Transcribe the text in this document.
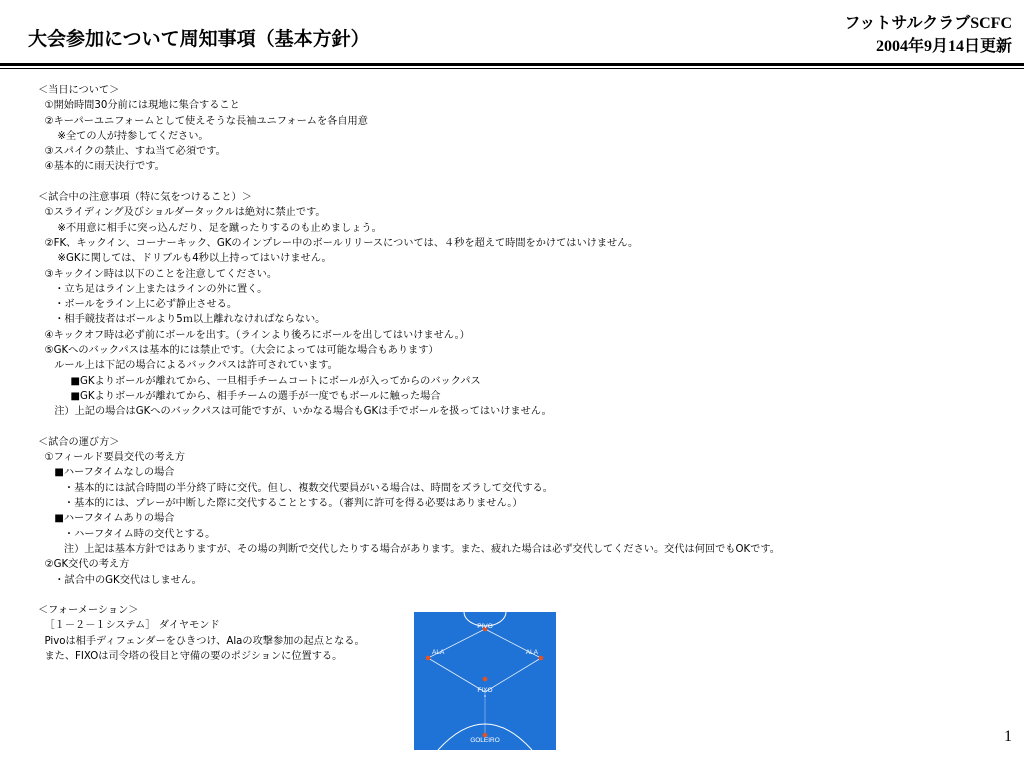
大会参加について周知事項（基本方針）
フットサルクラブSCFC
2004年9月14日更新
＜当日について＞
①開始時間30分前には現地に集合すること
②キーパーユニフォームとして使えそうな長袖ユニフォームを各自用意
※全ての人が持参してください。
③スパイクの禁止、すね当て必須です。
④基本的に雨天決行です。
＜試合中の注意事項（特に気をつけること）＞
①スライディング及びショルダータックルは絶対に禁止です。
※不用意に相手に突っ込んだり、足を蹴ったりするのも止めましょう。
②FK、キックイン、コーナーキック、GKのインプレー中のボールリリースについては、４秒を超えて時間をかけてはいけません。
※GKに関しては、ドリブルも4秒以上持ってはいけません。
③キックイン時は以下のことを注意してください。
・立ち足はライン上またはラインの外に置く。
・ボールをライン上に必ず静止させる。
・相手競技者はボールより5ｍ以上離れなければならない。
④キックオフ時は必ず前にボールを出す。（ラインより後ろにボールを出してはいけません。）
⑤GKへのバックパスは基本的には禁止です。（大会によっては可能な場合もあります）
ルール上は下記の場合によるバックパスは許可されています。
■GKよりボールが離れてから、一旦相手チームコートにボールが入ってからのバックパス
■GKよりボールが離れてから、相手チームの選手が一度でもボールに触った場合
注）上記の場合はGKへのバックパスは可能ですが、いかなる場合もGKは手でボールを扱ってはいけません。
＜試合の運び方＞
①フィールド要員交代の考え方
■ハーフタイムなしの場合
・基本的には試合時間の半分終了時に交代。但し、複数交代要員がいる場合は、時間をズラして交代する。
・基本的には、プレーが中断した際に交代することとする。（審判に許可を得る必要はありません。）
■ハーフタイムありの場合
・ハーフタイム時の交代とする。
注）上記は基本方針ではありますが、その場の判断で交代したりする場合があります。また、疲れた場合は必ず交代してください。交代は何回でもOKです。
②GK交代の考え方
・試合中のGK交代はしません。
＜フォーメーション＞
［１－２－１システム］ ダイヤモンド
Pivoは相手ディフェンダーをひきつけ、Alaの攻撃参加の起点となる。
また、FIXOは司令塔の役目と守備の要のポジションに位置する。
PIVO
ALA	ALA
FIXO
GOLEIRO	1
